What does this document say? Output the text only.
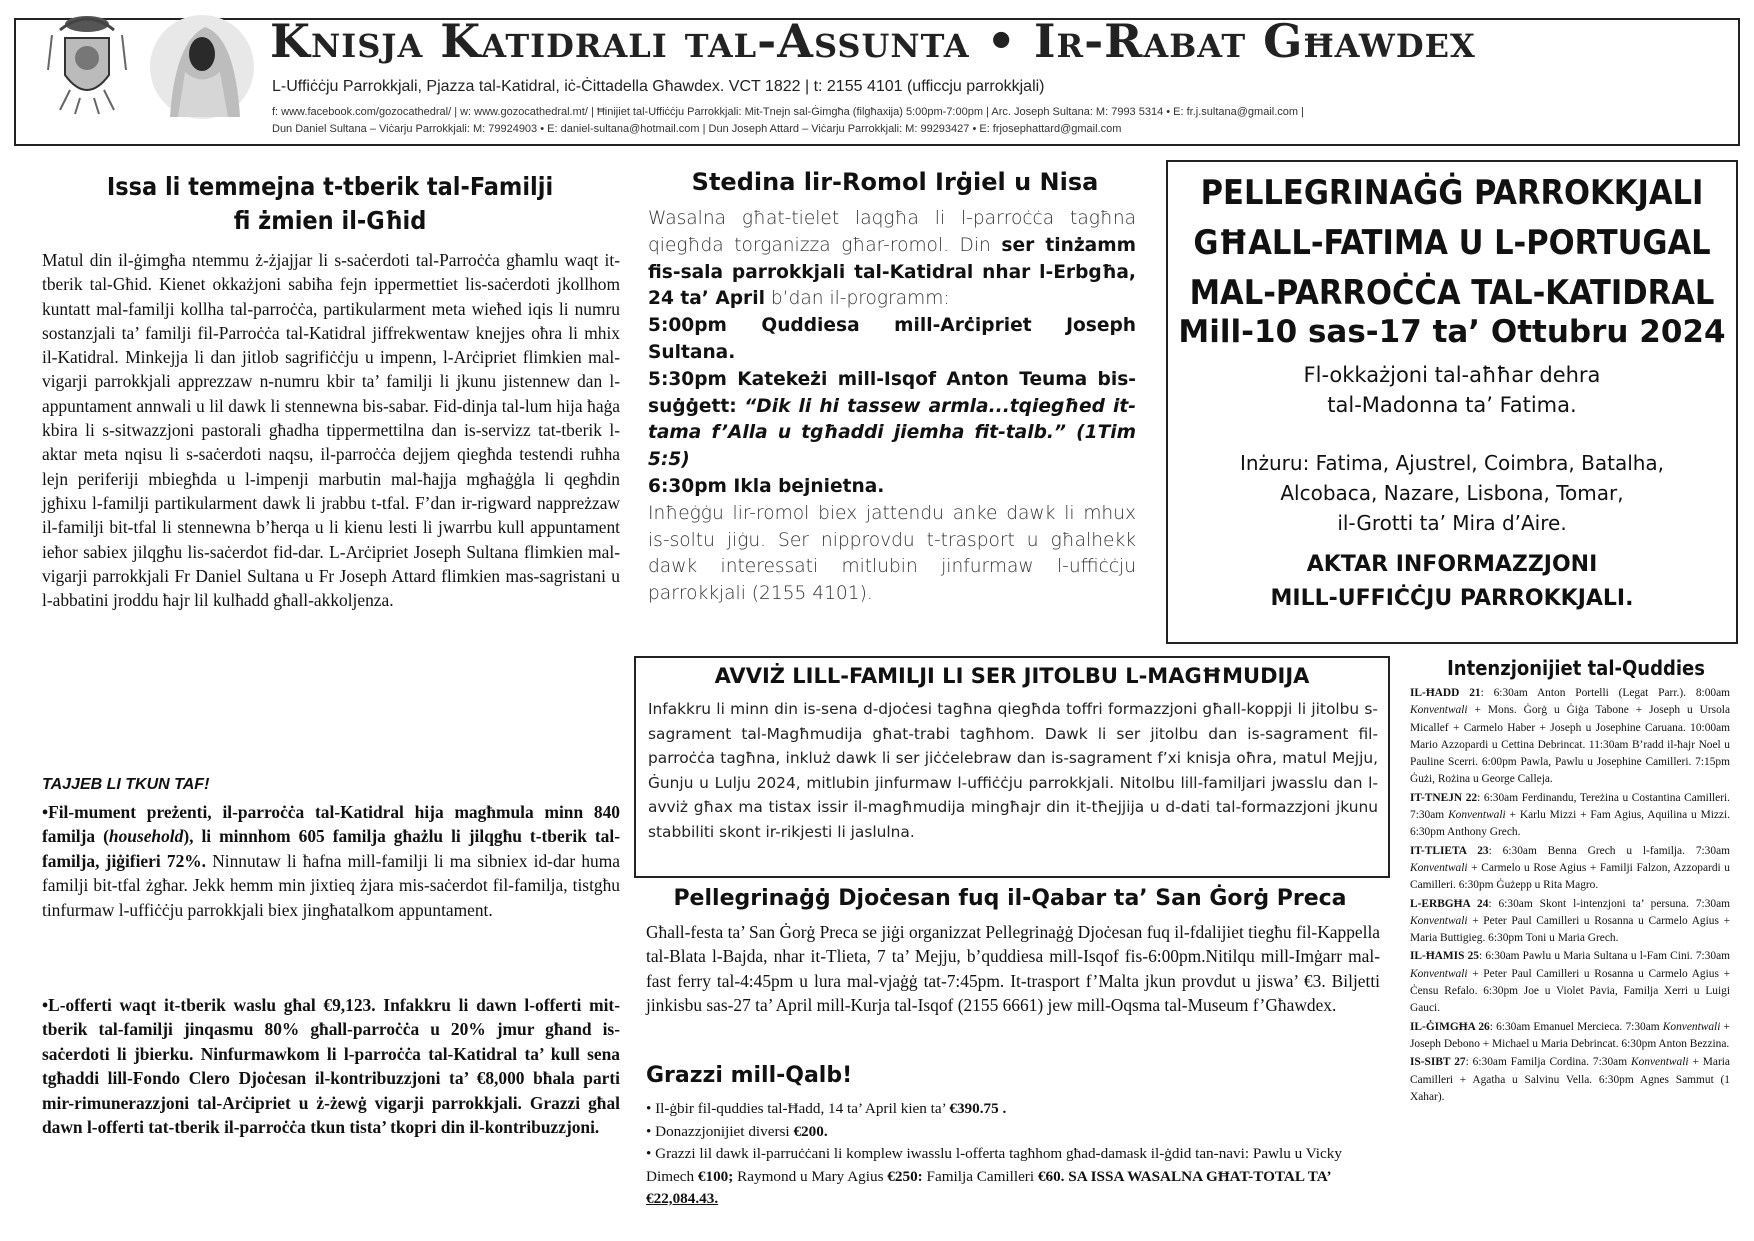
Knisja Katidrali tal-Assunta • Ir-Rabat Għawdex
L-Uffiċċju Parrokkjali, Pjazza tal-Katidral, iċ-Ċittadella Għawdex. VCT 1822 | t: 2155 4101 (ufficcju parrokkjali)
f: www.facebook.com/gozocathedral/ | w: www.gozocathedral.mt/ | Ħinijiet tal-Uffiċċju Parrokkjali: Mit-Tnejn sal-Ġimgħa (filgħaxija) 5:00pm-7:00pm | Arc. Joseph Sultana: M: 7993 5314 • E: fr.j.sultana@gmail.com |
Dun Daniel Sultana – Viċarju Parrokkjali: M: 79924903 • E: daniel-sultana@hotmail.com | Dun Joseph Attard – Viċarju Parrokkjali: M: 99293427 • E: frjosephattard@gmail.com
Issa li temmejna t-tberik tal-Familji
fi żmien il-Għid
Matul din il-ġimgħa ntemmu ż-żjajjar li s-saċerdoti tal-Parroċċa għamlu waqt it-tberik tal-Għid. Kienet okkażjoni sabiħa fejn ippermettiet lis-saċerdoti jkollhom kuntatt mal-familji kollha tal-parroċċa, partikularment meta wieħed iqis li numru sostanzjali ta’ familji fil-Parroċċa tal-Katidral jiffrekwentaw knejjes oħra li mhix il-Katidral. Minkejja li dan jitlob sagrifiċċju u impenn, l-Arċipriet flimkien mal-vigarji parrokkjali apprezzaw n-numru kbir ta’ familji li jkunu jistennew dan l-appuntament annwali u lil dawk li stennewna bis-sabar. Fid-dinja tal-lum hija ħaġa kbira li s-sitwazzjoni pastorali għadha tippermettilna dan is-servizz tat-tberik l-aktar meta nqisu li s-saċerdoti naqsu, il-parroċċa dejjem qiegħda testendi ruħha lejn periferiji mbiegħda u l-impenji marbutin mal-ħajja mgħaġġla li qegħdin jgħixu l-familji partikularment dawk li jrabbu t-tfal. F’dan ir-rigward nappreżzaw il-familji bit-tfal li stennewna b’ħerqa u li kienu lesti li jwarrbu kull appuntament ieħor sabiex jilqgħu lis-saċerdot fid-dar. L-Arċipriet Joseph Sultana flimkien mal-vigarji parrokkjali Fr Daniel Sultana u Fr Joseph Attard flimkien mas-sagristani u l-abbatini jroddu ħajr lil kulħadd għall-akkoljenza.
TAJJEB LI TKUN TAF!
•Fil-mument preżenti, il-parroċċa tal-Katidral hija magħmula minn 840 familja (household), li minnhom 605 familja għażlu li jilqgħu t-tberik tal-familja, jiġifieri 72%. Ninnutaw li ħafna mill-familji li ma sibniex id-dar huma familji bit-tfal żgħar. Jekk hemm min jixtieq żjara mis-saċerdot fil-familja, tistgħu tinfurmaw l-uffiċċju parrokkjali biex jingħatalkom appuntament.
•L-offerti waqt it-tberik waslu għal €9,123. Infakkru li dawn l-offerti mit-tberik tal-familji jinqasmu 80% għall-parroċċa u 20% jmur għand is-saċerdoti li jbierku. Ninfurmawkom li l-parroċċa tal-Katidral ta’ kull sena tgħaddi lill-Fondo Clero Djoċesan il-kontribuzzjoni ta’ €8,000 bħala parti mir-rimunerazzjoni tal-Arċipriet u ż-żewġ vigarji parrokkjali. Grazzi għal dawn l-offerti tat-tberik il-parroċċa tkun tista’ tkopri din il-kontribuzzjoni.
Stedina lir-Romol Irġiel u Nisa
Wasalna għat-tielet laqgħa li l-parroċċa tagħna qiegħda torganizza għar-romol. Din ser tinżamm fis-sala parrokkjali tal-Katidral nhar l-Erbgħa, 24 ta’ April b’dan il-programm:
5:00pm Quddiesa mill-Arċipriet Joseph Sultana.
5:30pm Katekeżi mill-Isqof Anton Teuma bis-suġġett: “Dik li hi tassew armla...tqiegħed it-tama f’Alla u tgħaddi jiemha fit-talb.” (1Tim 5:5)
6:30pm Ikla bejnietna.
Inħeġġu lir-romol biex jattendu anke dawk li mhux is-soltu jiġu. Ser nipprovdu t-trasport u għalhekk dawk interessati mitlubin jinfurmaw l-uffiċċju parrokkjali (2155 4101).
PELLEGRINAĠĠ PARROKKJALI
GĦALL-FATIMA U L-PORTUGAL
MAL-PARROĊĊA TAL-KATIDRAL
Mill-10 sas-17 ta’ Ottubru 2024
Fl-okkażjoni tal-aħħar dehra
tal-Madonna ta’ Fatima.
Inżuru: Fatima, Ajustrel, Coimbra, Batalha,
Alcobaca, Nazare, Lisbona, Tomar,
il-Grotti ta’ Mira d’Aire.
AKTAR INFORMAZZJONI
MILL-UFFIĊĊJU PARROKKJALI.
AVVIŻ LILL-FAMILJI LI SER JITOLBU L-MAGĦMUDIJA
Infakkru li minn din is-sena d-djoċesi tagħna qiegħda toffri formazzjoni għall-koppji li jitolbu s-sagrament tal-Magħmudija għat-trabi tagħhom. Dawk li ser jitolbu dan is-sagrament fil-parroċċa tagħna, inkluż dawk li ser jiċċelebraw dan is-sagrament f’xi knisja oħra, matul Mejju, Ġunju u Lulju 2024, mitlubin jinfurmaw l-uffiċċju parrokkjali. Nitolbu lill-familjari jwasslu dan l-avviż għax ma tistax issir il-magħmudija mingħajr din it-tħejjija u d-dati tal-formazzjoni jkunu stabbiliti skont ir-rikjesti li jaslulna.
Pellegrinaġġ Djoċesan fuq il-Qabar ta’ San Ġorġ Preca
Għall-festa ta’ San Ġorġ Preca se jiġi organizzat Pellegrinaġġ Djoċesan fuq il-fdalijiet tiegħu fil-Kappella tal-Blata l-Bajda, nhar it-Tlieta, 7 ta’ Mejju, b’quddiesa mill-Isqof fis-6:00pm.Nitilqu mill-Imġarr mal-fast ferry tal-4:45pm u lura mal-vjaġġ tat-7:45pm. It-trasport f’Malta jkun provdut u jiswa’ €3. Biljetti jinkisbu sas-27 ta’ April mill-Kurja tal-Isqof (2155 6661) jew mill-Oqsma tal-Museum f’Għawdex.
Grazzi mill-Qalb!
• Il-ġbir fil-quddies tal-Ħadd, 14 ta’ April kien ta’ €390.75 .
• Donazzjonijiet diversi €200.
• Grazzi lil dawk il-parruċċani li komplew iwasslu l-offerta tagħhom għad-damask il-ġdid tan-navi: Pawlu u Vicky Dimech €100; Raymond u Mary Agius €250: Familja Camilleri €60. SA ISSA WASALNA GĦAT-TOTAL TA’ €22,084.43.
Intenzjonijiet tal-Quddies
IL-ĦADD 21: 6:30am Anton Portelli (Legat Parr.). 8:00am Konventwali + Mons. Ġorġ u Ġiġa Tabone + Joseph u Ursola Micallef + Carmelo Haber + Joseph u Josephine Caruana. 10:00am Mario Azzopardi u Cettina Debrincat. 11:30am B’radd il-ħajr Noel u Pauline Scerri. 6:00pm Pawla, Pawlu u Josephine Camilleri. 7:15pm Ġużi, Rożina u George Calleja.
IT-TNEJN 22: 6:30am Ferdinandu, Tereżina u Costantina Camilleri. 7:30am Konventwali + Karlu Mizzi + Fam Agius, Aquilina u Mizzi. 6:30pm Anthony Grech.
IT-TLIETA 23: 6:30am Benna Grech u l-familja. 7:30am Konventwali + Carmelo u Rose Agius + Familji Falzon, Azzopardi u Camilleri. 6:30pm Ġużepp u Rita Magro.
L-ERBGĦA 24: 6:30am Skont l-intenzjoni ta’ persuna. 7:30am Konventwali + Peter Paul Camilleri u Rosanna u Carmelo Agius + Maria Buttigieg. 6:30pm Toni u Maria Grech.
IL-ĦAMIS 25: 6:30am Pawlu u Maria Sultana u l-Fam Cini. 7:30am Konventwali + Peter Paul Camilleri u Rosanna u Carmelo Agius + Ċensu Refalo. 6:30pm Joe u Violet Pavia, Familja Xerri u Luigi Gauci.
IL-ĠIMGĦA 26: 6:30am Emanuel Mercieca. 7:30am Konventwali + Joseph Debono + Michael u Maria Debrincat. 6:30pm Anton Bezzina.
IS-SIBT 27: 6:30am Familja Cordina. 7:30am Konventwali + Maria Camilleri + Agatha u Salvinu Vella. 6:30pm Agnes Sammut (1 Xahar).
